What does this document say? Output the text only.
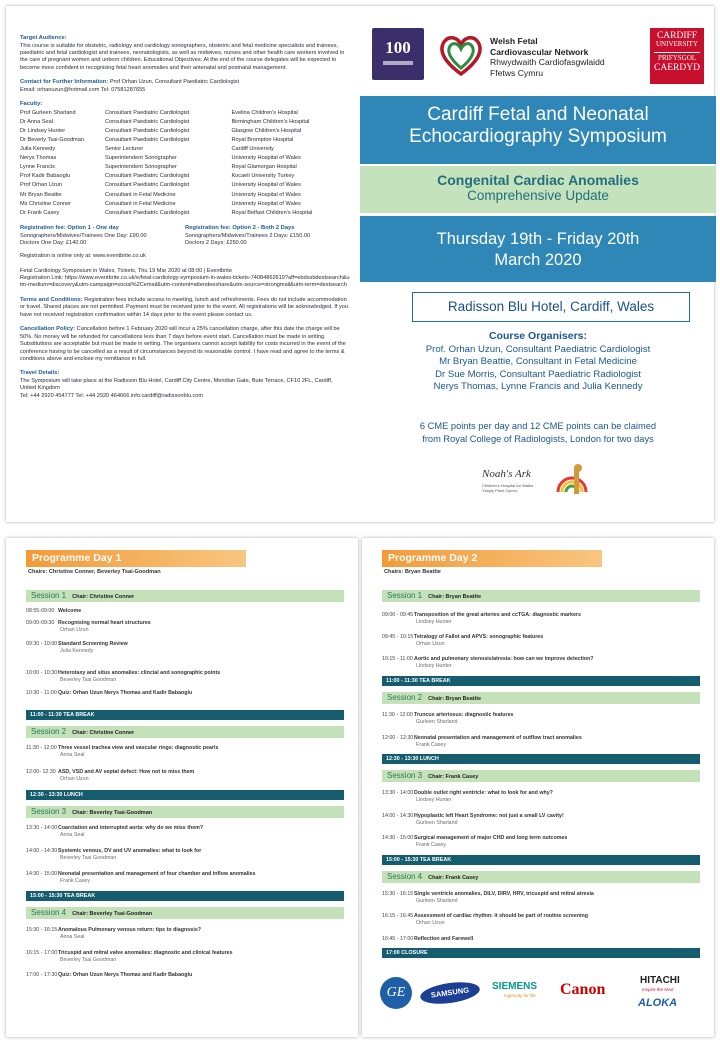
Target Audience:
This course is suitable for obstetric, radiology and cardiology sonographers, obstetric and fetal medicine specialists and trainees, paediatric and fetal cardiologist and trainees, neonatologists, as well as midwives, nurses and other health care workers involved in the care of pregnant women and unborn children. Educational Objectives: At the end of the course delegates will be expected to become more confident in recognising fetal heart anomalies and their antenatal and postnatal management.

Contact for Further Information: Prof Orhan Uzun, Consultant Paediatric Cardiologist
Email: orhanuzun@hotmail.com Tel: 07581287655

Faculty:
Prof Gurleen Sharland	Consultant Paediatric Cardiologist	Evelina Children's Hospital
Dr Anna Seal	Consultant Paediatric Cardiologist	Birmingham Children's Hospital
Dr Lindsey Hunter	Consultant Paediatric Cardiologist	Glasgow Children's Hospital
Dr Beverly Tsai-Goodman	Consultant Paediatric Cardiologist	Royal Brompton Hospital
Julia Kennedy	Senior Lecturer	Cardiff University
Nerys Thomas	Superintendent Sonographer	University Hospital of Wales
Lynne Francis	Superintendent Sonographer	Royal Glamorgan Hospital
Prof Kadir Babaoglu	Consultant Paediatric Cardiologist	Kocaeli University Turkey
Prof Orhan Uzun	Consultant Paediatric Cardiologist	University Hospital of Wales
Mr Bryan Beattie	Consultant in Fetal Medicine	University Hospital of Wales
Ms Christine Conner	Consultant in Fetal Medicine	University Hospital of Wales
Dr Frank Casey	Consultant Paediatric Cardiologist	Royal Belfast Children's Hospital
Registration fee: Option 1 - One day
Sonographers/Midwives/Trainees One Day: £90.00
Doctors One Day: £140.00
Registration fee: Option 2 - Both 2 Days
Sonographers/Midwives/Trainees 2 Days: £150.00
Doctors 2 Days: £250.00

Registration is online only at: www.eventbrite.co.uk

Fetal Cardiology Symposium in Wales, Tickets, Thu 19 Mar 2020 at 08:00 | Eventbrite
Registration Link: https://www.eventbrite.co.uk/e/fetal-cardiology-symposium-in-wales-tickets-74084862619?aff=ebdssbdestsearch&utm-medium=discovery&utm-campaign=social%2Cemail&utm-content=attendeeshare&utm-source=strongmail&utm-term=destsearch

Terms and Conditions: Registration fees include access to meeting, lunch and refreshments. Fees do not include accommodation or travel. Shared places are not permitted. Payment must be received prior to the event. All registrations will be acknowledged. If you have not received registration confirmation within 14 days prior to the event please contact us.

Cancellation Policy: Cancellation before 1 February 2020 will incur a 25% cancellation charge, after this date the charge will be 50%. No money will be refunded for cancellations less than 7 days before event start. Cancellation must be made in writing. Substitutions are acceptable but must be made in writing. The organisers cannot accept liability for costs incurred in the event of the conference having to be cancelled as a result of circumstances beyond its reasonable control. I have read and agree to the terms & conditions above and enclose my remittance in full.

Travel Details:
The Symposium will take place at the Radisson Blu Hotel, Cardiff City Centre, Meridian Gate, Bute Terrace, CF10 2FL, Cardiff, United Kingdom
Tel: +44 2920 454777 Tel: +44 2920 464666 info.cardiff@radissonblu.com

100	Welsh Fetal
Cardiovascular Network
Rhwydwaith Cardiofasgwlaidd
Ffetws Cymru
CARDIFF
UNIVERSITY
PRIFYSGOL
CAERDYD
Cardiff Fetal and Neonatal
Echocardiography Symposium
Congenital Cardiac Anomalies
Comprehensive Update
Thursday 19th - Friday 20th
March 2020
Radisson Blu Hotel, Cardiff, Wales
Course Organisers:
Prof. Orhan Uzun, Consultant Paediatric Cardiologist
Mr Bryan Beattie, Consultant in Fetal Medicine
Dr Sue Morris, Consultant Paediatric Radiologist
Nerys Thomas, Lynne Francis and Julia Kennedy
6 CME points per day and 12 CME points can be claimed
from Royal College of Radiologists, London for two days
Noah's Ark
Children's Hospital for Wales
Ysbyty Plant Cymru
Programme Day 1
Chairs: Christine Conner, Beverley Tsai-Goodman
Session 1 Chair: Christine Conner
08:55-09:00 Welcome
09:00-09:30 Recognising normal heart structures
Orhan Uzun
09:30 - 10:00Standard Screening Review
Julia Kennedy
10:00 - 10:30Heterotaxy and situs anomalies: clincial and sonographic points
Beverley Tsai Goodman
10:30 - 11:00Quiz: Orhan Uzun Nerys Thomas and Kadir Babaoglu
11:00 - 11:30 TEA BREAK
Session 2 Chair: Christine Conner
11:30 - 12:00Three vessel trachea view and vascular rings: diagnostic pearls
Anna Seal
12:00- 12:30 ASD, VSD and AV septal defect: How not to miss them
Orhan Uzun
12:30 - 13:30 LUNCH
Session 3 Chair: Beverley Tsai-Goodman
13:30 - 14:00Coarctation and interrupted aorta: why do we miss them?
Anna Seal
14:00 - 14:30Systemic venous, DV and UV anomalies: what to look for
Beverley Tsai Goodman
14:30 - 15:00Neonatal presentation and management of four chamber and inflow anomalies
Frank Casey
15:00 - 15:30 TEA BREAK
Session 4 Chair: Beverley Tsai-Goodman
15:30 - 16:15Anomalous Pulmonary venous return: tips to diagnosis?
Anna Seal
16:15 - 17:00Tricuspid and mitral valve anomalies: diagnostic and clinical features
Beverley Tsai Goodman
17:00 - 17:30Quiz: Orhan Uzun Nerys Thomas and Kadir Babaoglu
Programme Day 2
Chairs: Bryan Beattie
Session 1 Chair: Bryan Beattie
09:00 - 09:45Transposition of the great arteries and ccTGA: diagnostic markers
Lindsey Hunter
09:45 - 10:15Tetralogy of Fallot and APVS: sonographic features
Orhan Uzun
10:15 - 11:00Aortic and pulmonary stenosis/atresia: how can we improve detection?
Lindsey Hunter
11:00 - 11:30 TEA BREAK
Session 2 Chair: Bryan Beattie
11:30 - 12:00Truncus arteriosus: diagnostic features
Gurleen Sharland
12:00 - 12:30Neonatal presentation and management of outflow tract anomalies
Frank Casey
12:30 - 13:30 LUNCH
Session 3 Chair: Frank Casey
13:30 - 14:00Double outlet right ventricle: what to look for and why?
Lindsey Hunter
14:00 - 14:30Hypoplastic left Heart Syndrome: not just a small LV cavity!
Gurleen Sharland
14:30 - 15:00Surgical management of major CHD and long term outcomes
Frank Casey
15:00 - 15:30 TEA BREAK
Session 4 Chair: Frank Casey
15:30 - 16:15Single ventricle anomalies, DILV, DIRV, HRV, tricuspid and mitral atresia
Gurleen Sharland
16:15 - 16:45Assessment of cardiac rhythm: it should be part of routine screening
Orhan Uzun
16:45 - 17:00Reflection and Farewell
17:00 CLOSURE
GE	SAMSUNG	SIEMENS
Ingenuity for life Canon
HITACHI
Inspire the Next
ALOKA
